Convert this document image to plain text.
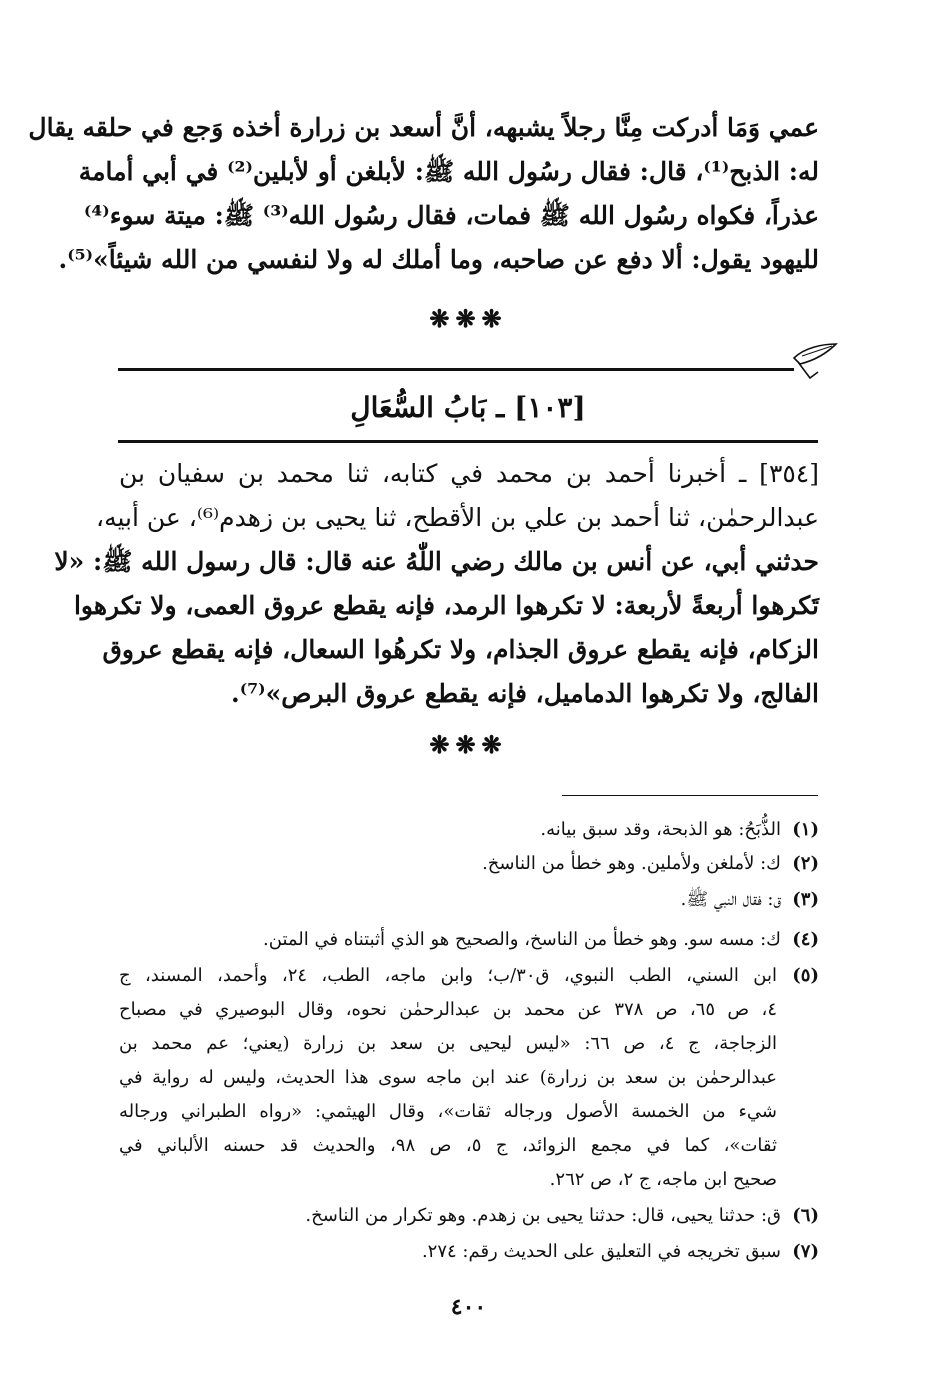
عمي وَمَا أدركت مِنَّا رجلاً يشبهه، أنَّ أسعد بن زرارة أخذه وَجع في حلقه يقال
له: الذبح⁽¹⁾، قال: فقال رسُول الله ﷺ: لأبلغن أو لأبلين⁽²⁾ في أبي أمامة
عذراً، فكواه رسُول الله ﷺ فمات، فقال رسُول الله⁽³⁾ ﷺ: ميتة سوء⁽⁴⁾
لليهود يقول: ألا دفع عن صاحبه، وما أملك له ولا لنفسي من الله شيئاً»⁽⁵⁾.
❋❋❋
[١٠٣] ـ بَابُ السُّعَالِ
[٣٥٤] ـ أخبرنا أحمد بن محمد في كتابه، ثنا محمد بن سفيان بن
عبدالرحمٰن، ثنا أحمد بن علي بن الأقطح، ثنا يحيى بن زهدم⁽⁶⁾، عن أبيه،
حدثني أبي، عن أنس بن مالك رضي اللّٰهُ عنه قال: قال رسول الله ﷺ: «لا
تَكرهوا أربعةً لأربعة: لا تكرهوا الرمد، فإنه يقطع عروق العمى، ولا تكرهوا
الزكام، فإنه يقطع عروق الجذام، ولا تكرهُوا السعال، فإنه يقطع عروق
الفالج، ولا تكرهوا الدماميل، فإنه يقطع عروق البرص»⁽⁷⁾.
❋❋❋
(١)الذُّبَحُ: هو الذبحة، وقد سبق بيانه.
(٢)ك: لأملغن ولأملين. وهو خطأ من الناسخ.
(٣)ق: فقال النبي ﷺ.
(٤)ك: مسه سو. وهو خطأ من الناسخ، والصحيح هو الذي أثبتناه في المتن.
(٥)
ابن السني، الطب النبوي، ق٣٠/ب؛ وابن ماجه، الطب، ٢٤، وأحمد، المسند، ج
٤، ص ٦٥، ص ٣٧٨ عن محمد بن عبدالرحمٰن نحوه، وقال البوصيري في مصباح
الزجاجة، ج ٤، ص ٦٦: «ليس ليحيى بن سعد بن زرارة (يعني؛ عم محمد بن
عبدالرحمٰن بن سعد بن زرارة) عند ابن ماجه سوى هذا الحديث، وليس له رواية في
شيء من الخمسة الأصول ورجاله ثقات»، وقال الهيثمي: «رواه الطبراني ورجاله
ثقات»، كما في مجمع الزوائد، ج ٥، ص ٩٨، والحديث قد حسنه الألباني في
صحيح ابن ماجه، ج ٢، ص ٢٦٢.
(٦)ق: حدثنا يحيى، قال: حدثنا يحيى بن زهدم. وهو تكرار من الناسخ.
(٧)سبق تخريجه في التعليق على الحديث رقم: ٢٧٤.
٤٠٠
